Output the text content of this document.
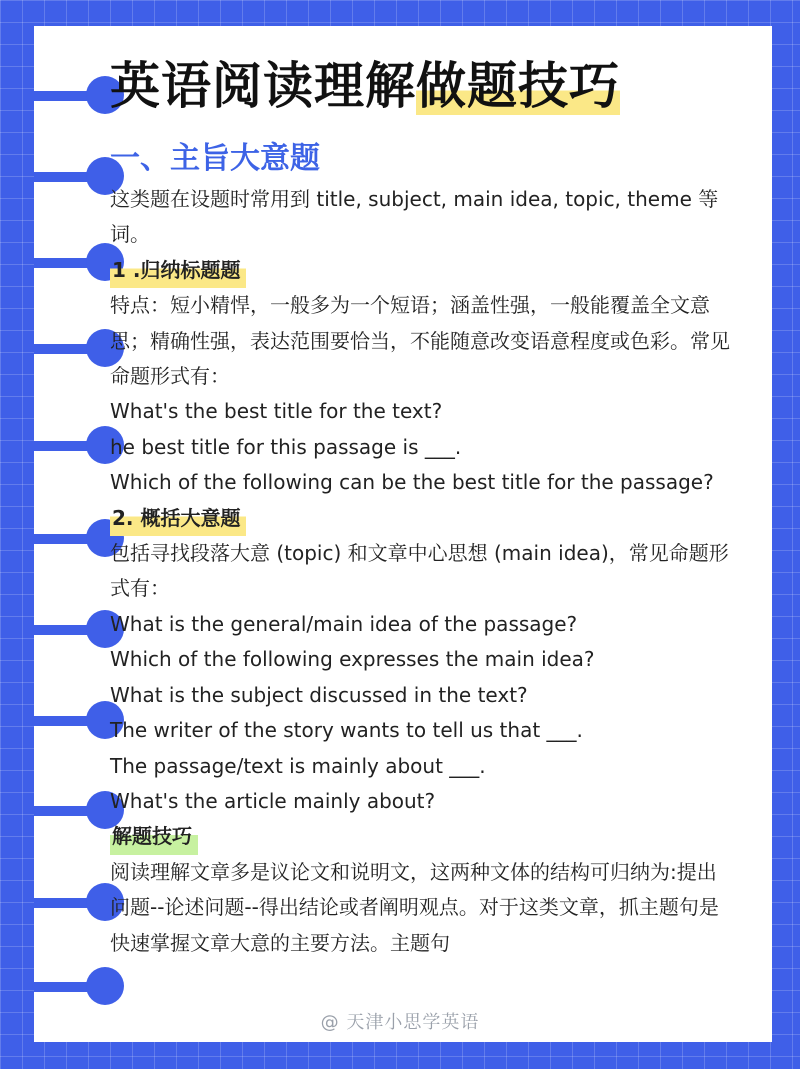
英语阅读理解做题技巧
一、主旨大意题

这类题在设题时常用到 title, subject, main idea, topic, theme 等词。

1 .归纳标题题

特点：短小精悍，一般多为一个短语；涵盖性强，一般能覆盖全文意思；精确性强，表达范围要恰当，不能随意改变语意程度或色彩。常见命题形式有：

What's the best title for the text?

he best title for this passage is ___.

Which of the following can be the best title for the passage?

2. 概括大意题

包括寻找段落大意 (topic) 和文章中心思想 (main idea)，常见命题形式有：

What is the general/main idea of the passage?

Which of the following expresses the main idea?

What is the subject discussed in the text?

The writer of the story wants to tell us that ___.

The passage/text is mainly about ___.

What's the article mainly about?

解题技巧

阅读理解文章多是议论文和说明文，这两种文体的结构可归纳为:提出问题--论述问题--得出结论或者阐明观点。对于这类文章，抓主题句是快速掌握文章大意的主要方法。主题句

@ 天津小思学英语
